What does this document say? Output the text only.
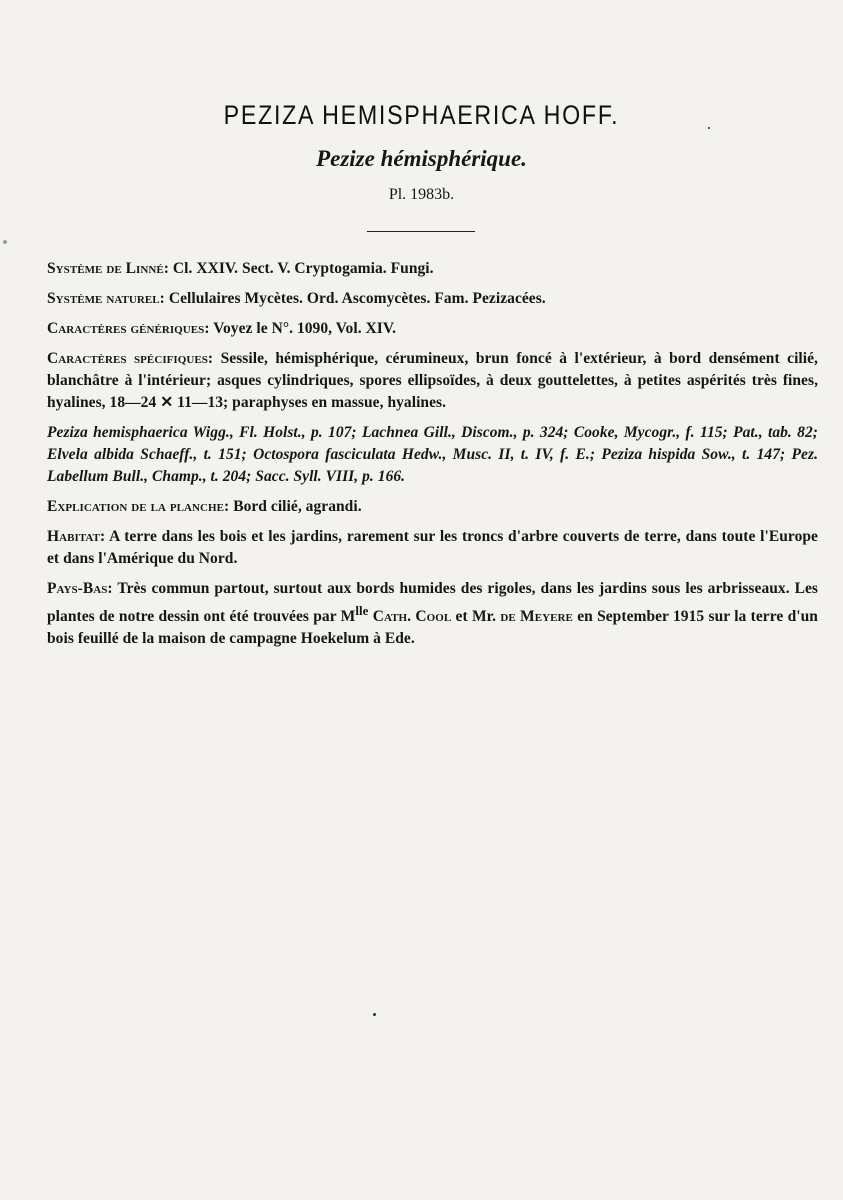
PEZIZA HEMISPHAERICA HOFF.
Pezize hémisphérique.
Pl. 1983b.

Système de Linné: Cl. XXIV. Sect. V. Cryptogamia. Fungi.

Système naturel: Cellulaires Mycètes. Ord. Ascomycètes. Fam. Pezizacées.

Caractères génériques: Voyez le N°. 1090, Vol. XIV.

Caractères spécifiques: Sessile, hémisphérique, cérumineux, brun foncé à l'extérieur, à bord densément cilié, blanchâtre à l'intérieur; asques cylindriques, spores ellipsoïdes, à deux gouttelettes, à petites aspérités très fines, hyalines, 18—24 ✕ 11—13; paraphyses en massue, hyalines.

Peziza hemisphaerica Wigg., Fl. Holst., p. 107; Lachnea Gill., Discom., p. 324; Cooke, Mycogr., f. 115; Pat., tab. 82; Elvela albida Schaeff., t. 151; Octospora fasciculata Hedw., Musc. II, t. IV, f. E.; Peziza hispida Sow., t. 147; Pez. Labellum Bull., Champ., t. 204; Sacc. Syll. VIII, p. 166.

Explication de la planche: Bord cilié, agrandi.

Habitat: A terre dans les bois et les jardins, rarement sur les troncs d'arbre couverts de terre, dans toute l'Europe et dans l'Amérique du Nord.

Pays-Bas: Très commun partout, surtout aux bords humides des rigoles, dans les jardins sous les arbrisseaux. Les plantes de notre dessin ont été trouvées par $M^{lle}$ Cath. Cool et Mr. de Meyere en September 1915 sur la terre d'un bois feuillé de la maison de campagne Hoekelum à Ede.
